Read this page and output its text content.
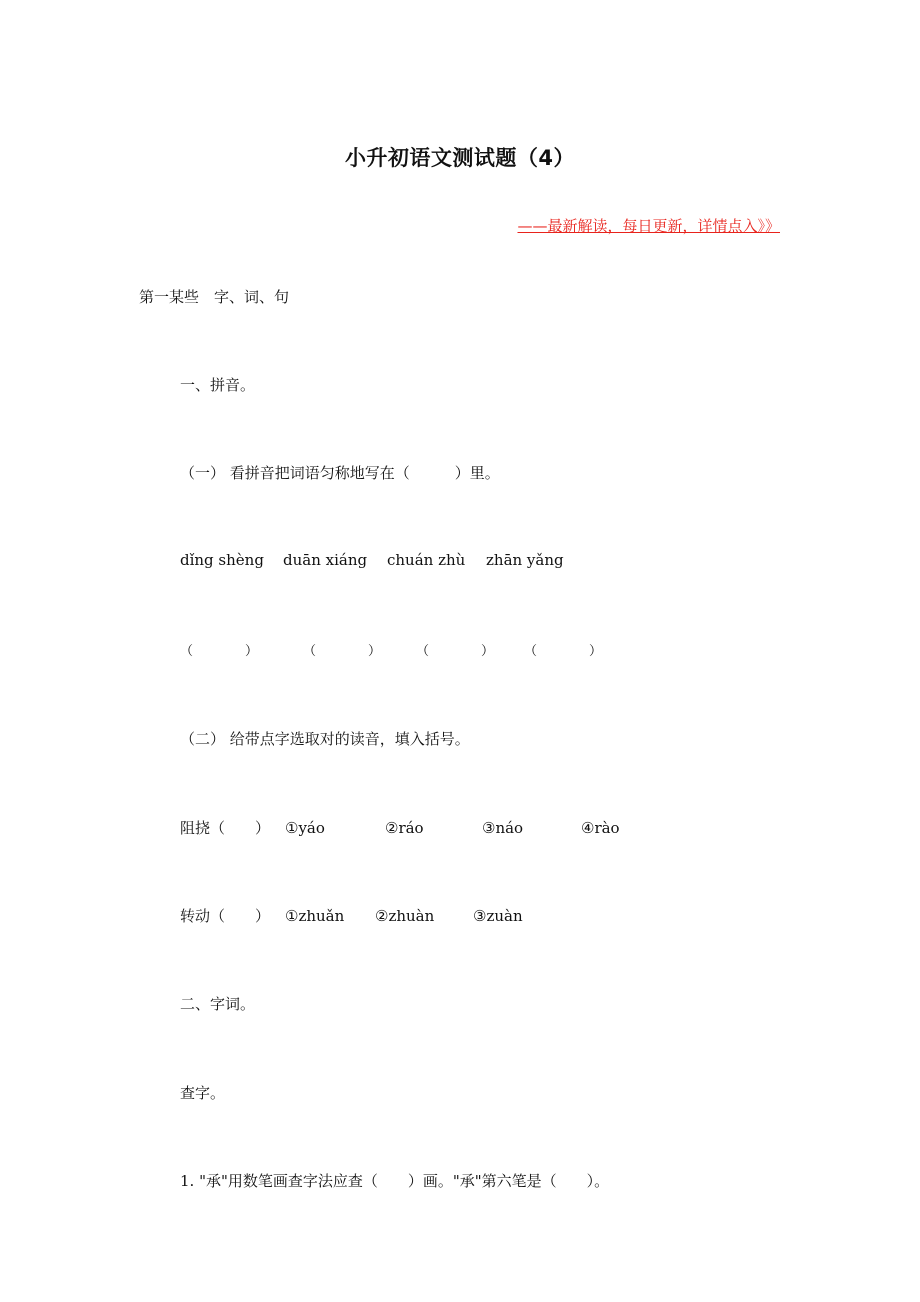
小升初语文测试题（4）
——最新解读，每日更新，详情点入》》
第一某些　字、词、句
一、拼音。
（一） 看拼音把词语匀称地写在（　　　）里。
dǐng shèng	duān xiáng	chuán zhù	zhān yǎng
（　　　　）	（　　　　）	（　　　　）	（　　　　）
（二） 给带点字选取对的读音，填入括号。
阻挠（　　） ①yáo	②ráo	③náo	④rào
转动（　　） ①zhuǎn	②zhuàn	③zuàn
二、字词。
查字。
1. "承"用数笔画查字法应查（　　）画。"承"第六笔是（　　）。
